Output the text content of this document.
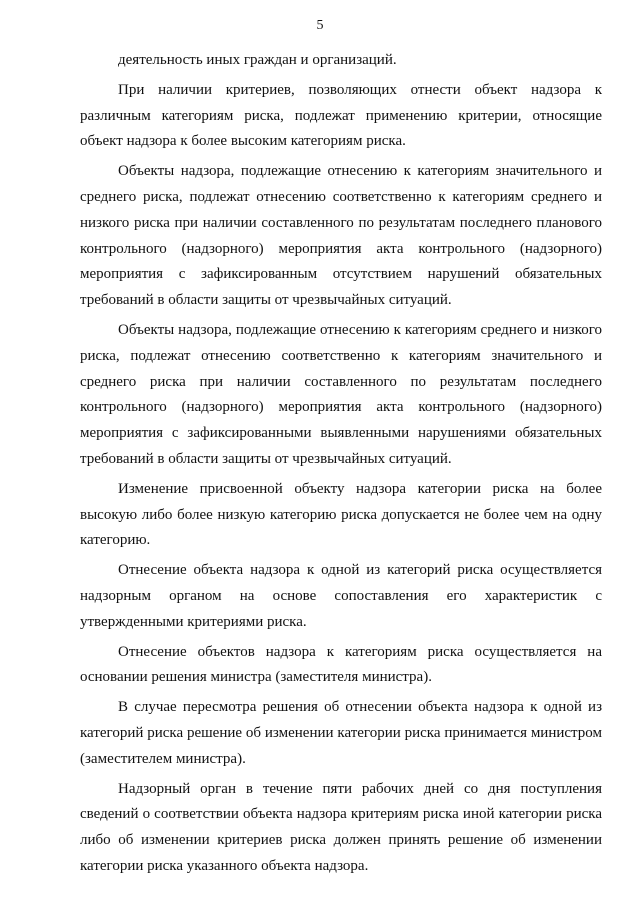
5

деятельность иных граждан и организаций.

При наличии критериев, позволяющих отнести объект надзора к различным категориям риска, подлежат применению критерии, относящие объект надзора к более высоким категориям риска.

Объекты надзора, подлежащие отнесению к категориям значительного и среднего риска, подлежат отнесению соответственно к категориям среднего и низкого риска при наличии составленного по результатам последнего планового контрольного (надзорного) мероприятия акта контрольного (надзорного) мероприятия с зафиксированным отсутствием нарушений обязательных требований в области защиты от чрезвычайных ситуаций.

Объекты надзора, подлежащие отнесению к категориям среднего и низкого риска, подлежат отнесению соответственно к категориям значительного и среднего риска при наличии составленного по результатам последнего контрольного (надзорного) мероприятия акта контрольного (надзорного) мероприятия с зафиксированными выявленными нарушениями обязательных требований в области защиты от чрезвычайных ситуаций.

Изменение присвоенной объекту надзора категории риска на более высокую либо более низкую категорию риска допускается не более чем на одну категорию.

Отнесение объекта надзора к одной из категорий риска осуществляется надзорным органом на основе сопоставления его характеристик с утвержденными критериями риска.

Отнесение объектов надзора к категориям риска осуществляется на основании решения министра (заместителя министра).

В случае пересмотра решения об отнесении объекта надзора к одной из категорий риска решение об изменении категории риска принимается министром (заместителем министра).

Надзорный орган в течение пяти рабочих дней со дня поступления сведений о соответствии объекта надзора критериям риска иной категории риска либо об изменении критериев риска должен принять решение об изменении категории риска указанного объекта надзора.
